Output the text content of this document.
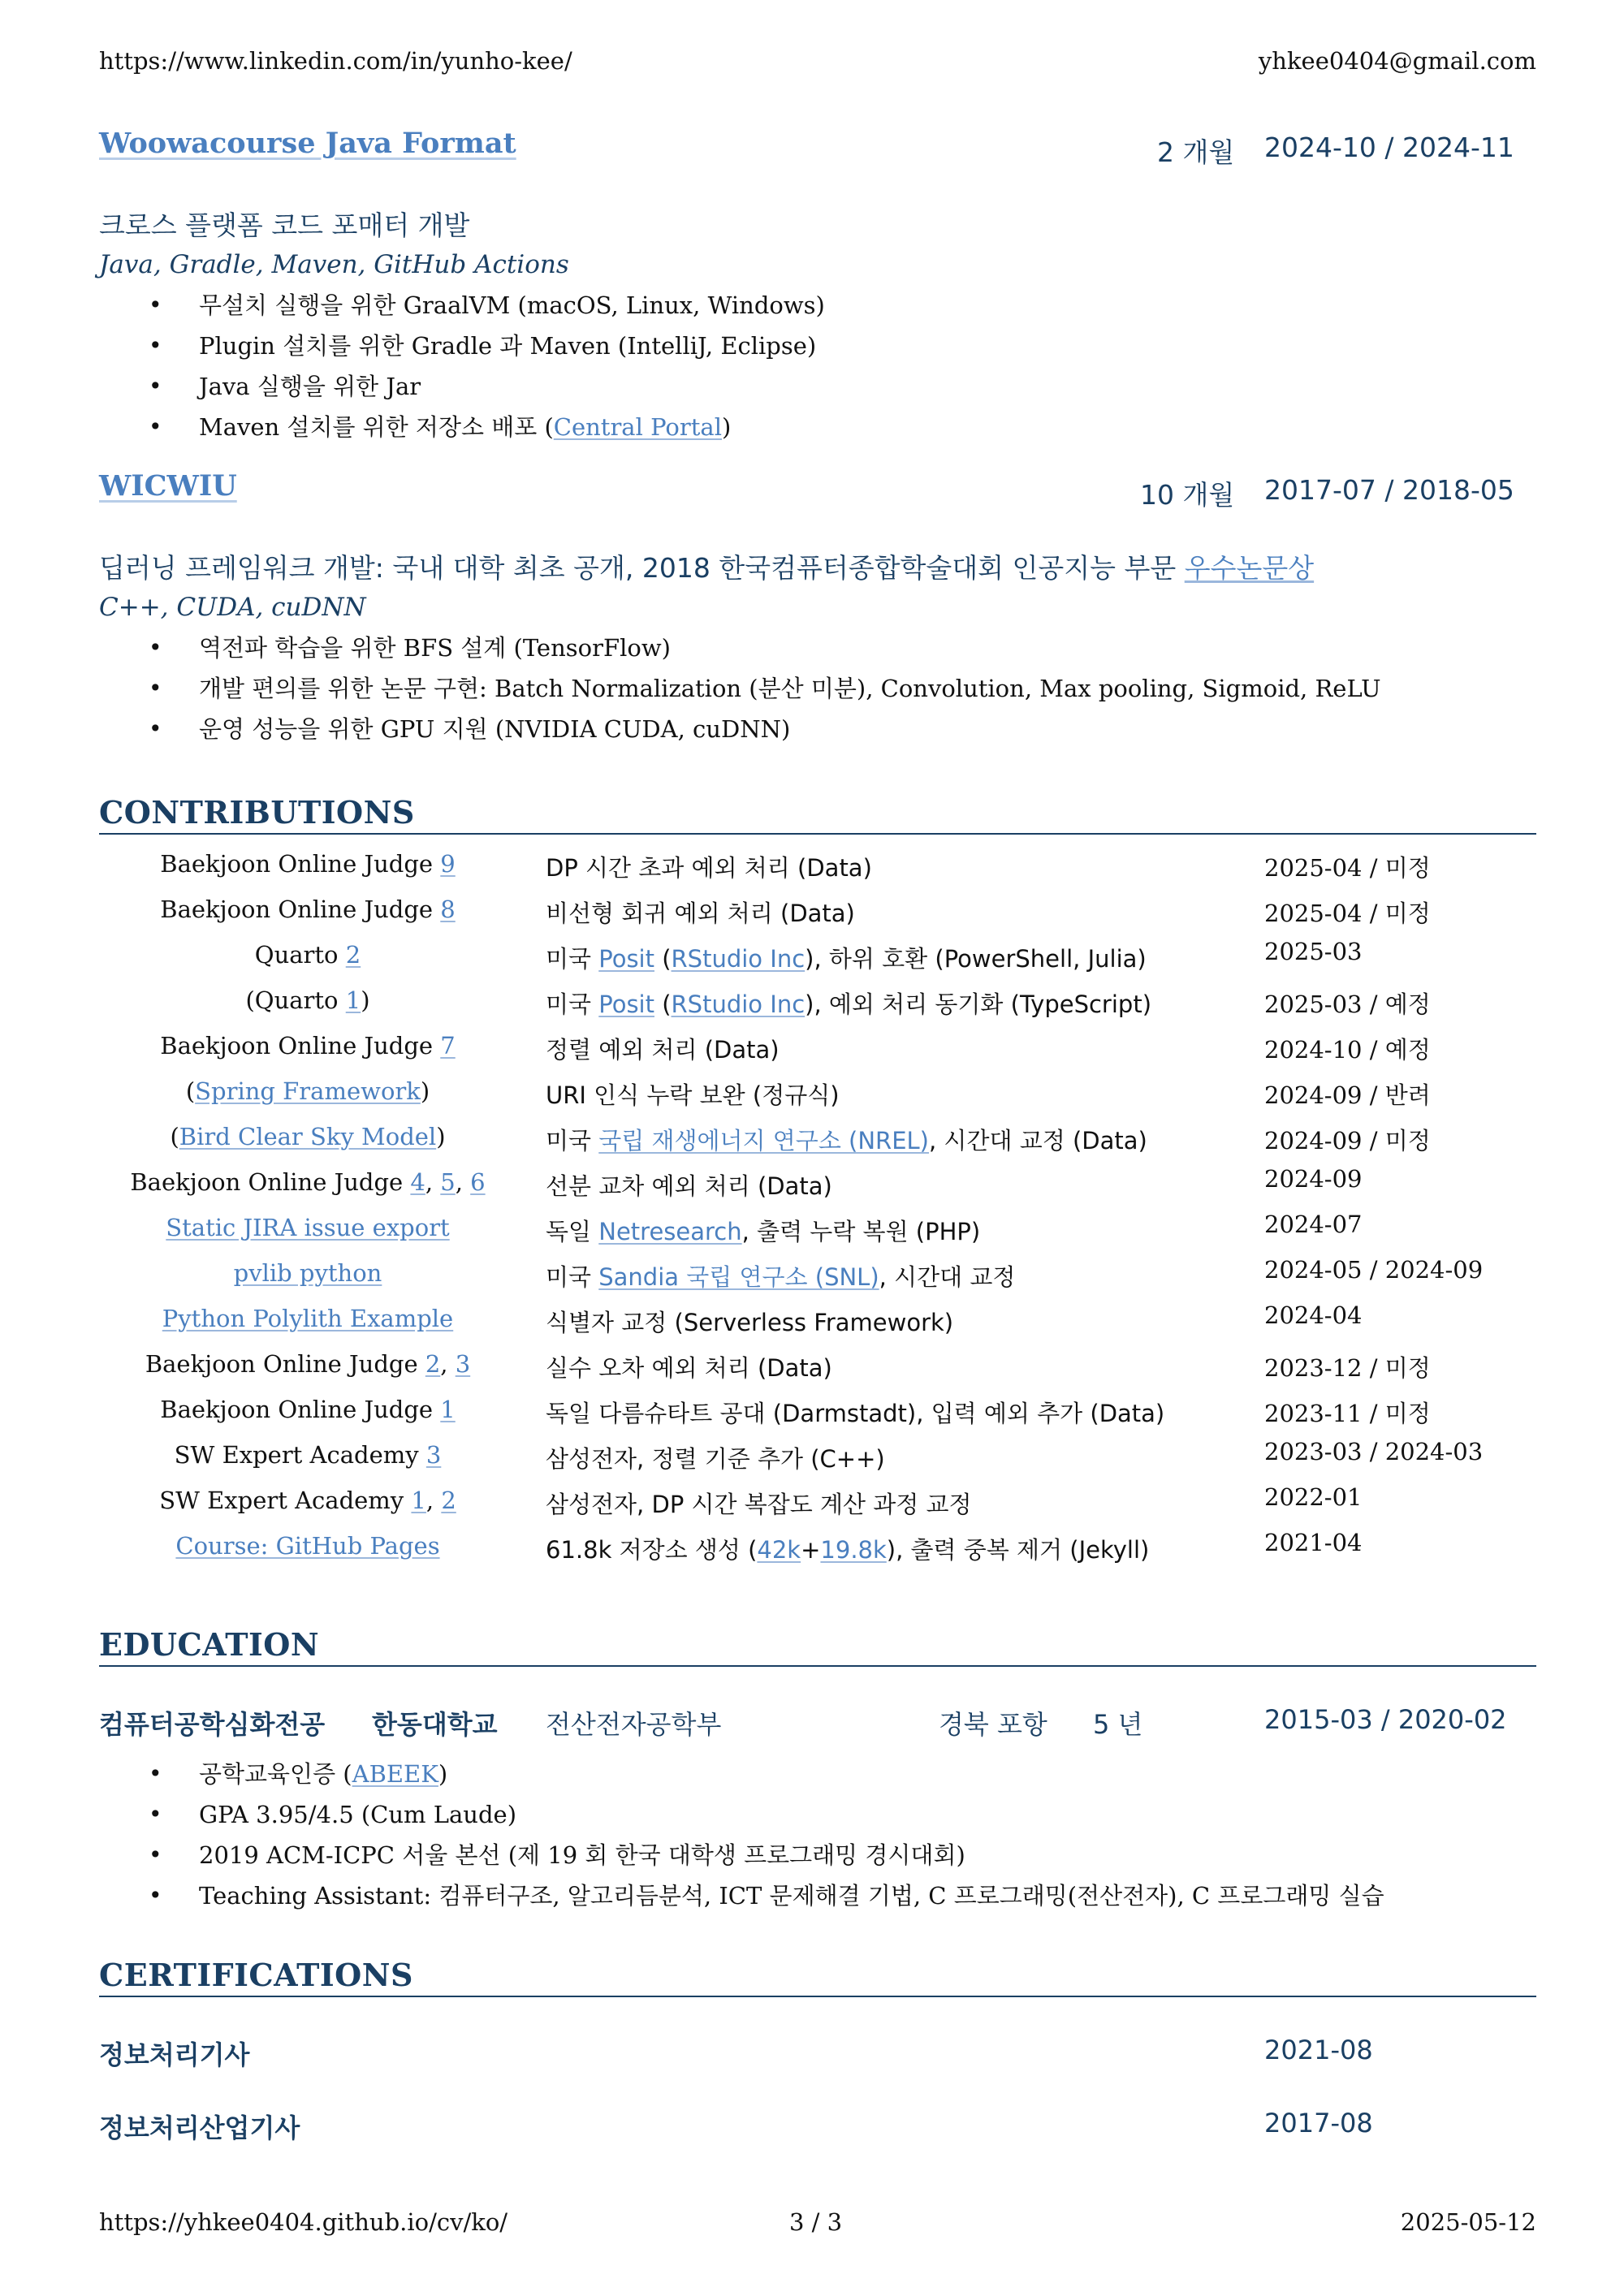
https://www.linkedin.com/in/yunho-kee/	yhkee0404@gmail.com
Woowacourse Java Format	2 개월 2024-10 / 2024-11
크로스 플랫폼 코드 포매터 개발
Java, Gradle, Maven, GitHub Actions
• 무설치 실행을 위한 GraalVM (macOS, Linux, Windows)
• Plugin 설치를 위한 Gradle 과 Maven (IntelliJ, Eclipse)
• Java 실행을 위한 Jar
• Maven 설치를 위한 저장소 배포 (Central Portal)
WICWIU	10 개월 2017-07 / 2018-05
딥러닝 프레임워크 개발: 국내 대학 최초 공개, 2018 한국컴퓨터종합학술대회 인공지능 부문 우수논문상
C++, CUDA, cuDNN
• 역전파 학습을 위한 BFS 설계 (TensorFlow)
• 개발 편의를 위한 논문 구현: Batch Normalization (분산 미분), Convolution, Max pooling, Sigmoid, ReLU
• 운영 성능을 위한 GPU 지원 (NVIDIA CUDA, cuDNN)
CONTRIBUTIONS
Baekjoon Online Judge 9	DP 시간 초과 예외 처리 (Data)	2025-04 / 미정
Baekjoon Online Judge 8	비선형 회귀 예외 처리 (Data)	2025-04 / 미정
Quarto 2	미국 Posit (RStudio Inc), 하위 호환 (PowerShell, Julia)	2025-03
(Quarto 1)	미국 Posit (RStudio Inc), 예외 처리 동기화 (TypeScript)	2025-03 / 예정
Baekjoon Online Judge 7	정렬 예외 처리 (Data)	2024-10 / 예정
(Spring Framework)	URI 인식 누락 보완 (정규식)	2024-09 / 반려
(Bird Clear Sky Model)	미국 국립 재생에너지 연구소 (NREL), 시간대 교정 (Data)	2024-09 / 미정
Baekjoon Online Judge 4, 5, 6	선분 교차 예외 처리 (Data)	2024-09
Static JIRA issue export	독일 Netresearch, 출력 누락 복원 (PHP)	2024-07
pvlib python	미국 Sandia 국립 연구소 (SNL), 시간대 교정	2024-05 / 2024-09
Python Polylith Example	식별자 교정 (Serverless Framework)	2024-04
Baekjoon Online Judge 2, 3	실수 오차 예외 처리 (Data)	2023-12 / 미정
Baekjoon Online Judge 1	독일 다름슈타트 공대 (Darmstadt), 입력 예외 추가 (Data)	2023-11 / 미정
SW Expert Academy 3	삼성전자, 정렬 기준 추가 (C++)	2023-03 / 2024-03
SW Expert Academy 1, 2	삼성전자, DP 시간 복잡도 계산 과정 교정	2022-01
Course: GitHub Pages	61.8k 저장소 생성 (42k+19.8k), 출력 중복 제거 (Jekyll)	2021-04
EDUCATION
컴퓨터공학심화전공 한동대학교 전산전자공학부	경북 포항 5 년	2015-03 / 2020-02
• 공학교육인증 (ABEEK)
• GPA 3.95/4.5 (Cum Laude)
• 2019 ACM-ICPC 서울 본선 (제 19 회 한국 대학생 프로그래밍 경시대회)
• Teaching Assistant: 컴퓨터구조, 알고리듬분석, ICT 문제해결 기법, C 프로그래밍(전산전자), C 프로그래밍 실습
CERTIFICATIONS
정보처리기사	2021-08
정보처리산업기사	2017-08
https://yhkee0404.github.io/cv/ko/	3 / 3	2025-05-12
